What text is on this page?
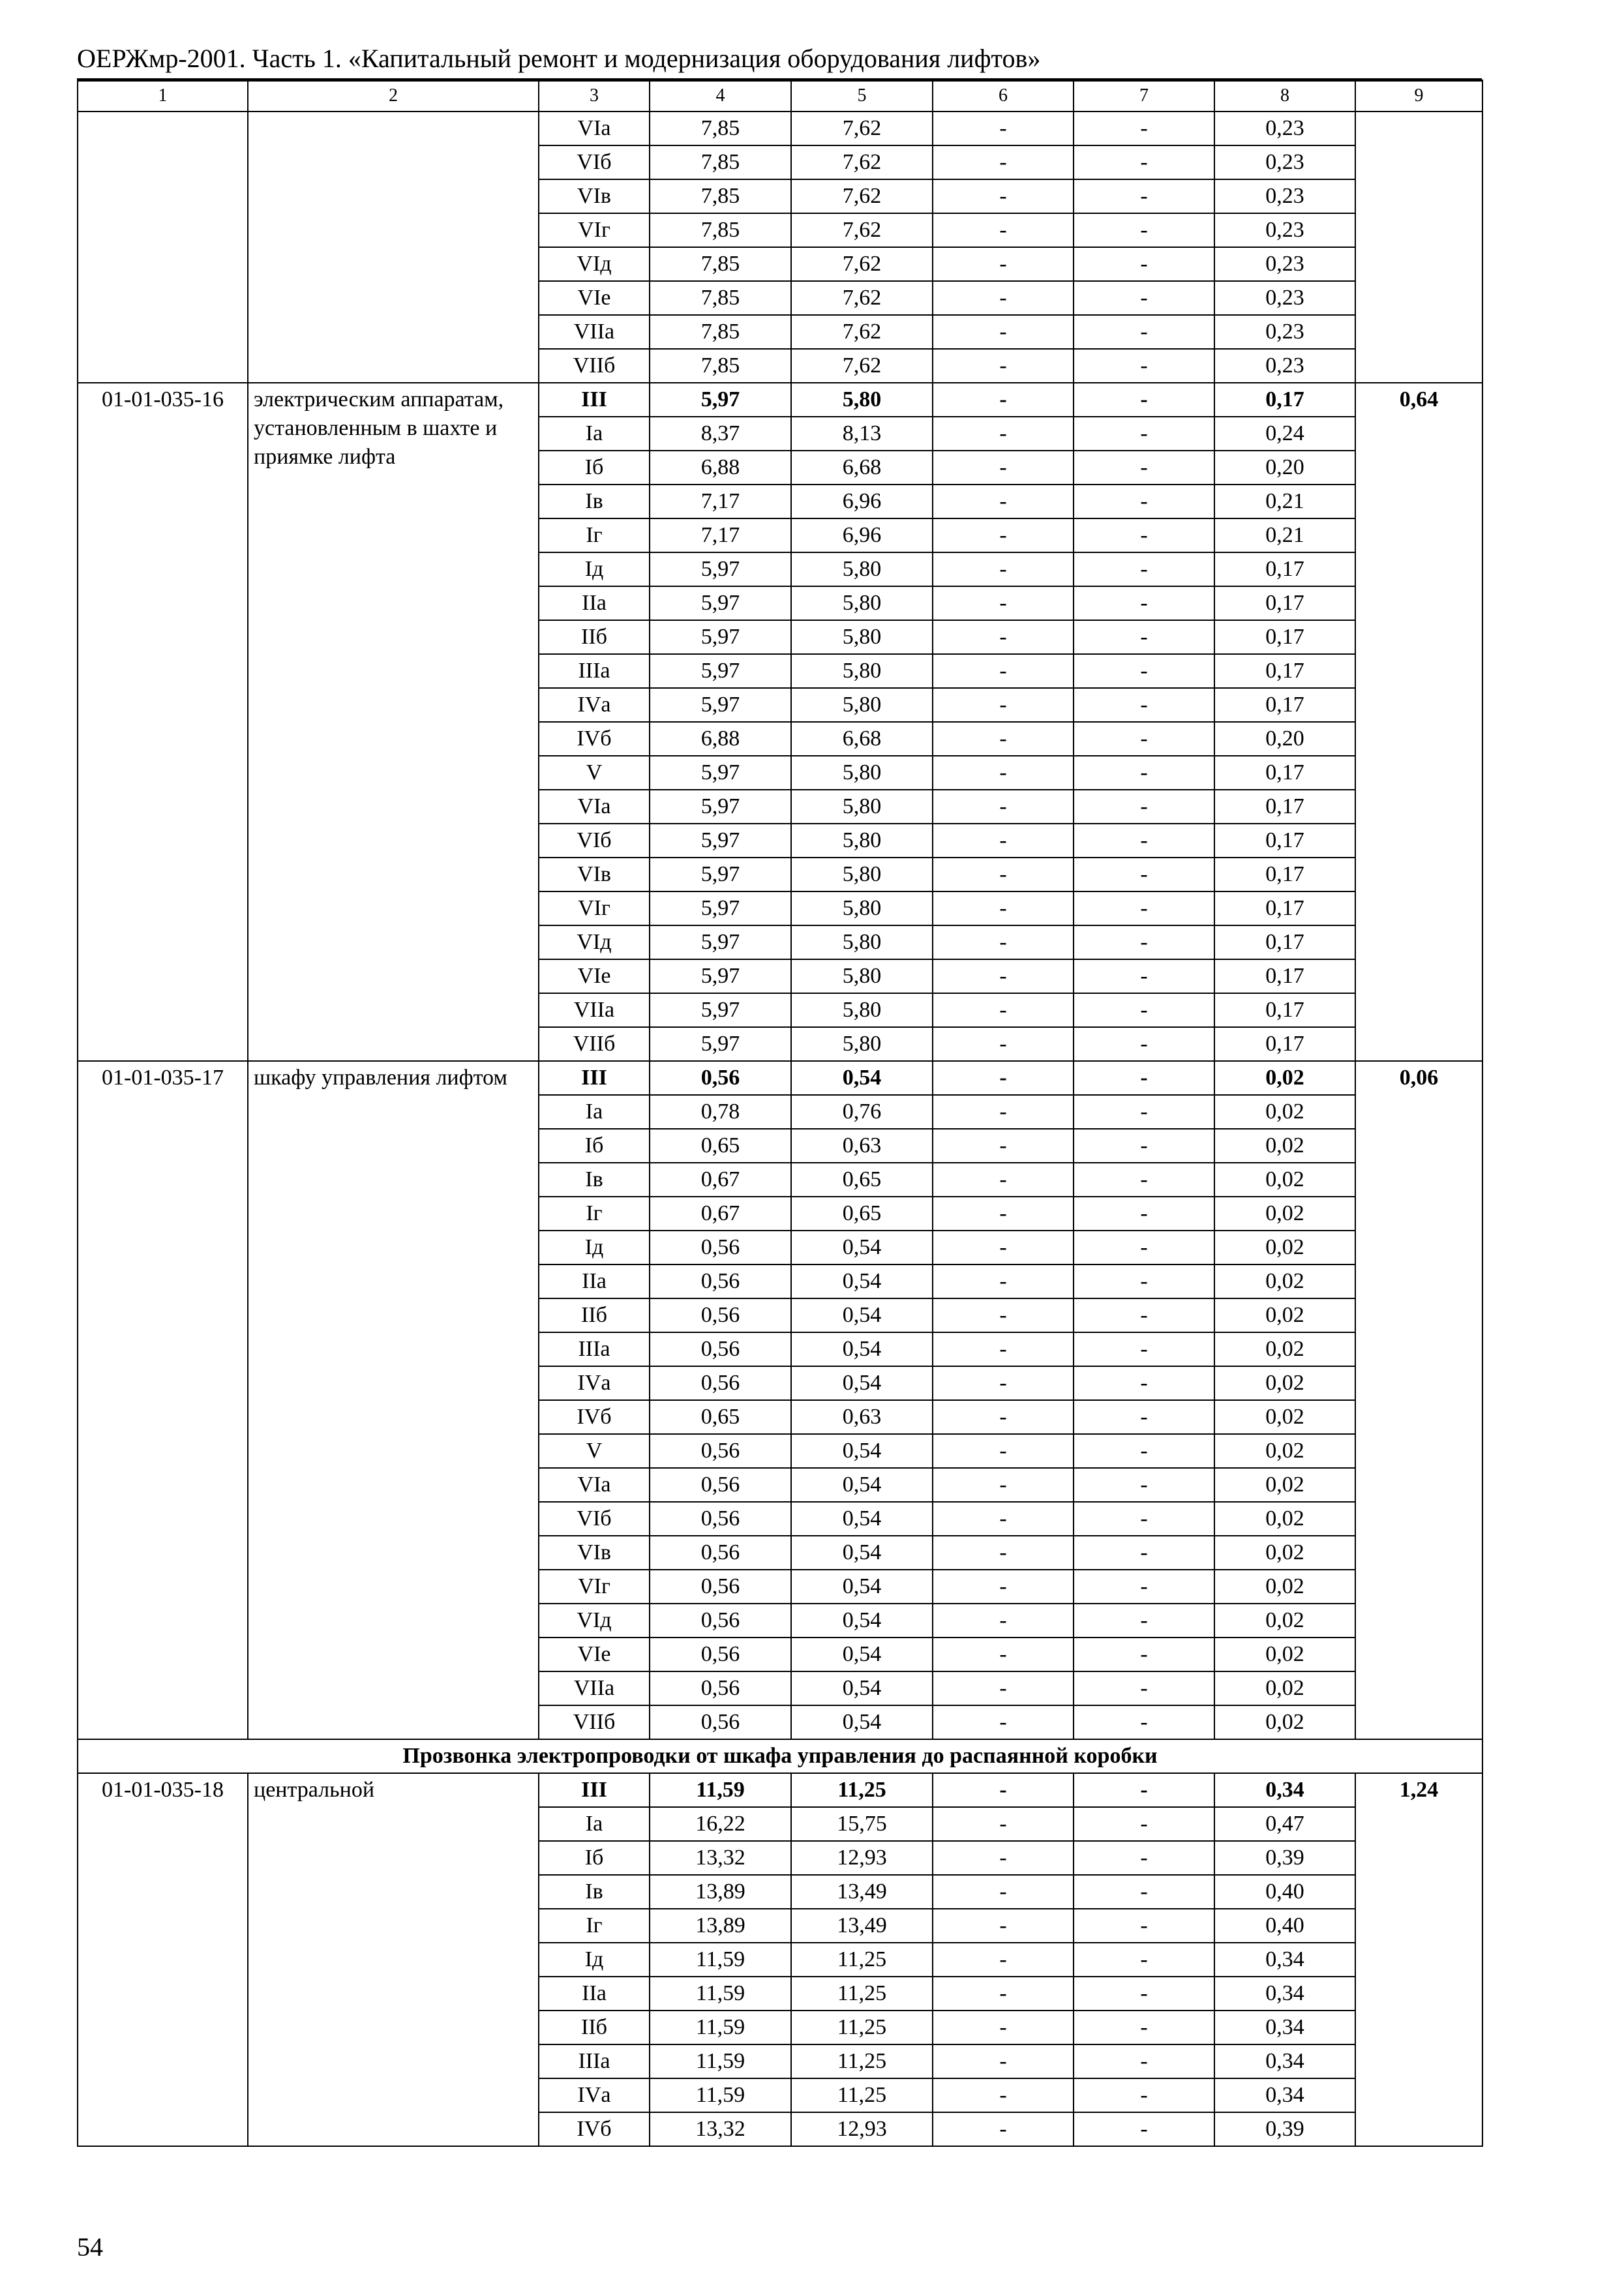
ОЕРЖмр-2001. Часть 1. «Капитальный ремонт и модернизация оборудования лифтов»
1	2	3	4	5	6	7	8	9
		VIа	7,85	7,62	-	-	0,23	
		VIб	7,85	7,62	-	-	0,23	
		VIв	7,85	7,62	-	-	0,23	
		VIг	7,85	7,62	-	-	0,23	
		VIд	7,85	7,62	-	-	0,23	
		VIе	7,85	7,62	-	-	0,23	
		VIIа	7,85	7,62	-	-	0,23	
		VIIб	7,85	7,62	-	-	0,23	
01-01-035-16	электрическим аппаратам, установленным в шахте и приямке лифта	III	5,97	5,80	-	-	0,17	0,64
		Iа	8,37	8,13	-	-	0,24	
		Iб	6,88	6,68	-	-	0,20	
		Iв	7,17	6,96	-	-	0,21	
		Iг	7,17	6,96	-	-	0,21	
		Iд	5,97	5,80	-	-	0,17	
		IIа	5,97	5,80	-	-	0,17	
		IIб	5,97	5,80	-	-	0,17	
		IIIа	5,97	5,80	-	-	0,17	
		IVа	5,97	5,80	-	-	0,17	
		IVб	6,88	6,68	-	-	0,20	
		V	5,97	5,80	-	-	0,17	
		VIа	5,97	5,80	-	-	0,17	
		VIб	5,97	5,80	-	-	0,17	
		VIв	5,97	5,80	-	-	0,17	
		VIг	5,97	5,80	-	-	0,17	
		VIд	5,97	5,80	-	-	0,17	
		VIе	5,97	5,80	-	-	0,17	
		VIIа	5,97	5,80	-	-	0,17	
		VIIб	5,97	5,80	-	-	0,17	
01-01-035-17	шкафу управления лифтом	III	0,56	0,54	-	-	0,02	0,06
		Iа	0,78	0,76	-	-	0,02	
		Iб	0,65	0,63	-	-	0,02	
		Iв	0,67	0,65	-	-	0,02	
		Iг	0,67	0,65	-	-	0,02	
		Iд	0,56	0,54	-	-	0,02	
		IIа	0,56	0,54	-	-	0,02	
		IIб	0,56	0,54	-	-	0,02	
		IIIа	0,56	0,54	-	-	0,02	
		IVа	0,56	0,54	-	-	0,02	
		IVб	0,65	0,63	-	-	0,02	
		V	0,56	0,54	-	-	0,02	
		VIа	0,56	0,54	-	-	0,02	
		VIб	0,56	0,54	-	-	0,02	
		VIв	0,56	0,54	-	-	0,02	
		VIг	0,56	0,54	-	-	0,02	
		VIд	0,56	0,54	-	-	0,02	
		VIе	0,56	0,54	-	-	0,02	
		VIIа	0,56	0,54	-	-	0,02	
		VIIб	0,56	0,54	-	-	0,02	
Прозвонка электропроводки от шкафа управления до распаянной коробки								
01-01-035-18	центральной	III	11,59	11,25	-	-	0,34	1,24
		Iа	16,22	15,75	-	-	0,47	
		Iб	13,32	12,93	-	-	0,39	
		Iв	13,89	13,49	-	-	0,40	
		Iг	13,89	13,49	-	-	0,40	
		Iд	11,59	11,25	-	-	0,34	
		IIа	11,59	11,25	-	-	0,34	
		IIб	11,59	11,25	-	-	0,34	
		IIIа	11,59	11,25	-	-	0,34	
		IVа	11,59	11,25	-	-	0,34	
		IVб	13,32	12,93	-	-	0,39	
54
